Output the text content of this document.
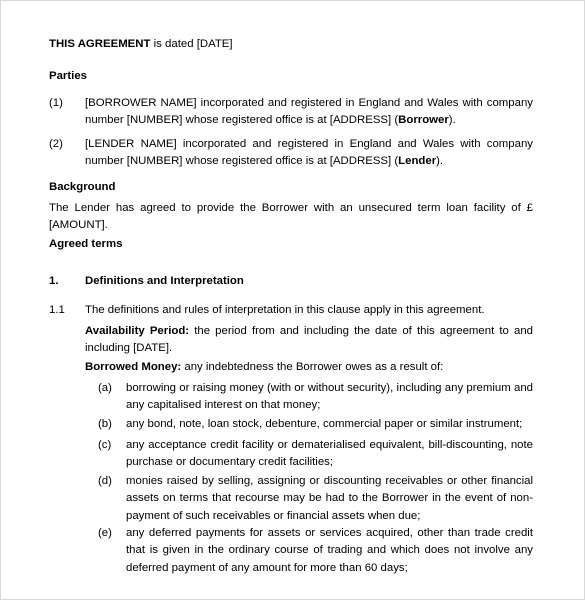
THIS AGREEMENT is dated [DATE]
Parties
(1) [BORROWER NAME] incorporated and registered in England and Wales with company number [NUMBER] whose registered office is at [ADDRESS] (Borrower).
(2) [LENDER NAME] incorporated and registered in England and Wales with company number [NUMBER] whose registered office is at [ADDRESS] (Lender).
Background
The Lender has agreed to provide the Borrower with an unsecured term loan facility of £[AMOUNT].
Agreed terms
1. Definitions and Interpretation
1.1 The definitions and rules of interpretation in this clause apply in this agreement.
Availability Period: the period from and including the date of this agreement to and including [DATE].
Borrowed Money: any indebtedness the Borrower owes as a result of:
(a) borrowing or raising money (with or without security), including any premium and any capitalised interest on that money;
(b) any bond, note, loan stock, debenture, commercial paper or similar instrument;
(c) any acceptance credit facility or dematerialised equivalent, bill-discounting, note purchase or documentary credit facilities;
(d) monies raised by selling, assigning or discounting receivables or other financial assets on terms that recourse may be had to the Borrower in the event of non-payment of such receivables or financial assets when due;
(e) any deferred payments for assets or services acquired, other than trade credit that is given in the ordinary course of trading and which does not involve any deferred payment of any amount for more than 60 days;
